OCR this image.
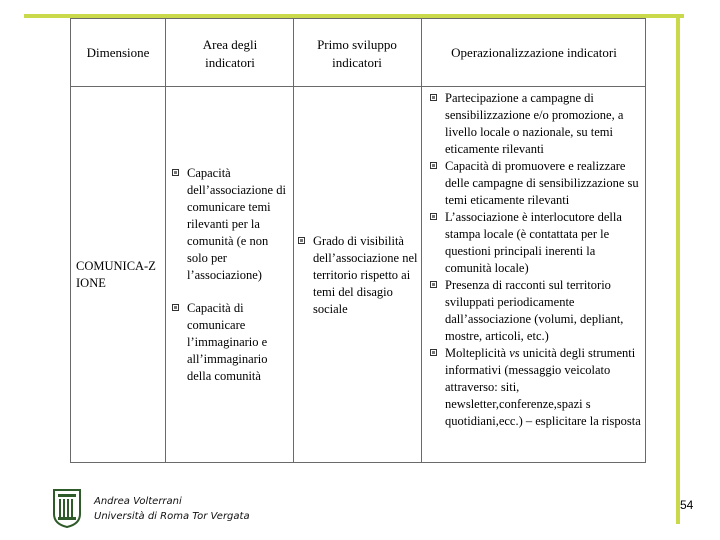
Dimensione
Area degli indicatori
Primo sviluppo indicatori
Operazionalizzazione indicatori
COMUNICA-ZIONE
Capacità dell’associazione di comunicare temi rilevanti per la comunità (e non solo per l’associazione)
Capacità di comunicare l’immaginario e all’immaginario della comunità
Grado di visibilità dell’associazione nel territorio rispetto ai temi del disagio sociale
Partecipazione a campagne di sensibilizzazione e/o promozione, a livello locale o nazionale, su temi eticamente rilevanti
Capacità di promuovere e realizzare delle campagne di sensibilizzazione su temi eticamente rilevanti
L’associazione è interlocutore della stampa locale (è contattata per le questioni principali inerenti la comunità locale)
Presenza di racconti sul territorio sviluppati periodicamente dall’associazione (volumi, depliant, mostre, articoli, etc.)
Molteplicità vs unicità degli strumenti informativi (messaggio veicolato attraverso: siti, newsletter,conferenze,spazi s quotidiani,ecc.) – esplicitare la risposta
Andrea Volterrani
Università di Roma Tor Vergata
54
